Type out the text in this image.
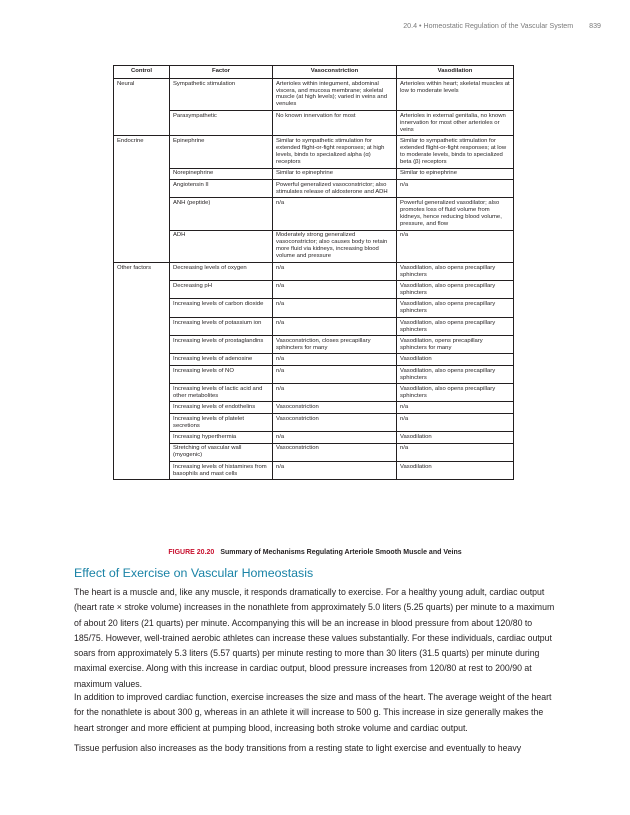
20.4 • Homeostatic Regulation of the Vascular System 839
Control	Factor	Vasoconstriction	Vasodilation
Neural	Sympathetic stimulation	Arterioles within integument, abdominal viscera, and mucosa membrane; skeletal muscle (at high levels); varied in veins and venules	Arterioles within heart; skeletal muscles at low to moderate levels
	Parasympathetic	No known innervation for most	Arterioles in external genitalia, no known innervation for most other arterioles or veins
Endocrine	Epinephrine	Similar to sympathetic stimulation for extended flight-or-fight responses; at high levels, binds to specialized alpha (α) receptors	Similar to sympathetic stimulation for extended flight-or-fight responses; at low to moderate levels, binds to specialized beta (β) receptors
	Norepinephrine	Similar to epinephrine	Similar to epinephrine
	Angiotensin II	Powerful generalized vasoconstrictor; also stimulates release of aldosterone and ADH	n/a
	ANH (peptide)	n/a	Powerful generalized vasodilator; also promotes loss of fluid volume from kidneys, hence reducing blood volume, pressure, and flow
	ADH	Moderately strong generalized vasoconstrictor; also causes body to retain more fluid via kidneys, increasing blood volume and pressure	n/a
Other factors	Decreasing levels of oxygen	n/a	Vasodilation, also opens precapillary sphincters
	Decreasing pH	n/a	Vasodilation, also opens precapillary sphincters
	Increasing levels of carbon dioxide	n/a	Vasodilation, also opens precapillary sphincters
	Increasing levels of potassium ion	n/a	Vasodilation, also opens precapillary sphincters
	Increasing levels of prostaglandins	Vasoconstriction, closes precapillary sphincters for many	Vasodilation, opens precapillary sphincters for many
	Increasing levels of adenosine	n/a	Vasodilation
	Increasing levels of NO	n/a	Vasodilation, also opens precapillary sphincters
	Increasing levels of lactic acid and other metabolites	n/a	Vasodilation, also opens precapillary sphincters
	Increasing levels of endothelins	Vasoconstriction	n/a
	Increasing levels of platelet secretions	Vasoconstriction	n/a
	Increasing hyperthermia	n/a	Vasodilation
	Stretching of vascular wall (myogenic)	Vasoconstriction	n/a
	Increasing levels of histamines from basophils and mast cells	n/a	Vasodilation
FIGURE 20.20 Summary of Mechanisms Regulating Arteriole Smooth Muscle and Veins
Effect of Exercise on Vascular Homeostasis

The heart is a muscle and, like any muscle, it responds dramatically to exercise. For a healthy young adult, cardiac output (heart rate × stroke volume) increases in the nonathlete from approximately 5.0 liters (5.25 quarts) per minute to a maximum of about 20 liters (21 quarts) per minute. Accompanying this will be an increase in blood pressure from about 120/80 to 185/75. However, well-trained aerobic athletes can increase these values substantially. For these individuals, cardiac output soars from approximately 5.3 liters (5.57 quarts) per minute resting to more than 30 liters (31.5 quarts) per minute during maximal exercise. Along with this increase in cardiac output, blood pressure increases from 120/80 at rest to 200/90 at maximum values.

In addition to improved cardiac function, exercise increases the size and mass of the heart. The average weight of the heart for the nonathlete is about 300 g, whereas in an athlete it will increase to 500 g. This increase in size generally makes the heart stronger and more efficient at pumping blood, increasing both stroke volume and cardiac output.

Tissue perfusion also increases as the body transitions from a resting state to light exercise and eventually to heavy
